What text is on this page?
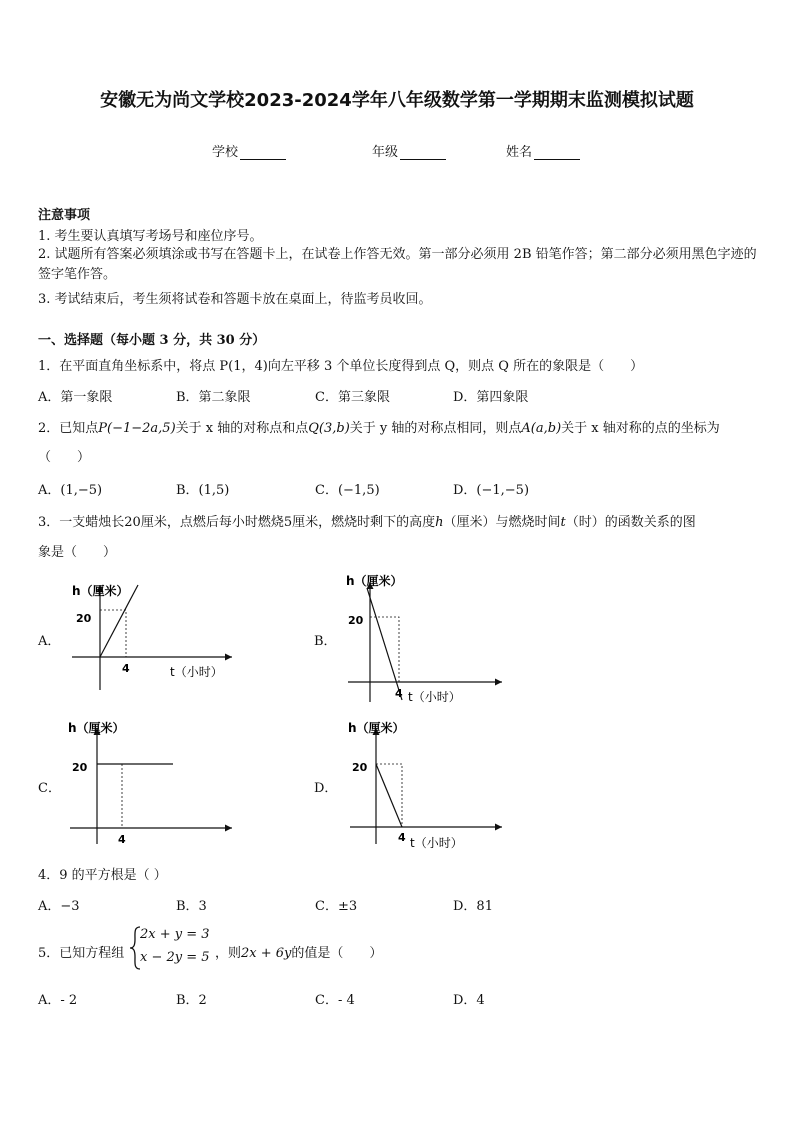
安徽无为尚文学校2023-2024学年八年级数学第一学期期末监测模拟试题
学校	年级	姓名
注意事项
1. 考生要认真填写考场号和座位序号。
2. 试题所有答案必须填涂或书写在答题卡上，在试卷上作答无效。第一部分必须用 2B 铅笔作答；第二部分必须用黑色字迹的签字笔作答。
3. 考试结束后，考生须将试卷和答题卡放在桌面上，待监考员收回。
一、选择题（每小题 3 分，共 30 分）
1．在平面直角坐标系中，将点 P(1，4)向左平移 3 个单位长度得到点 Q，则点 Q 所在的象限是（　　）
A．第一象限	B．第二象限	C．第三象限	D．第四象限
2．已知点P(−1−2a,5)关于 x 轴的对称点和点Q(3,b)关于 y 轴的对称点相同，则点A(a,b)关于 x 轴对称的点的坐标为
（　　）
A．(1,−5)	B．(1,5)	C．(−1,5)	D．(−1,−5)
3．一支蜡烛长20厘米，点燃后每小时燃烧5厘米，燃烧时剩下的高度h（厘米）与燃烧时间t（时）的函数关系的图
象是（　　）
A．
h（厘米）
20
4	t（小时）
B．
h（厘米）
20
4 t（小时）
C．
h（厘米）
20
4
D．
h（厘米）
20
4 t（小时）
4．9 的平方根是（ ）
A．−3	B．3	C．±3	D．81
5．已知方程组
2x + y = 3
x − 2y = 5 ，则2x + 6y的值是（　　）
A．- 2	B．2	C．- 4	D．4
